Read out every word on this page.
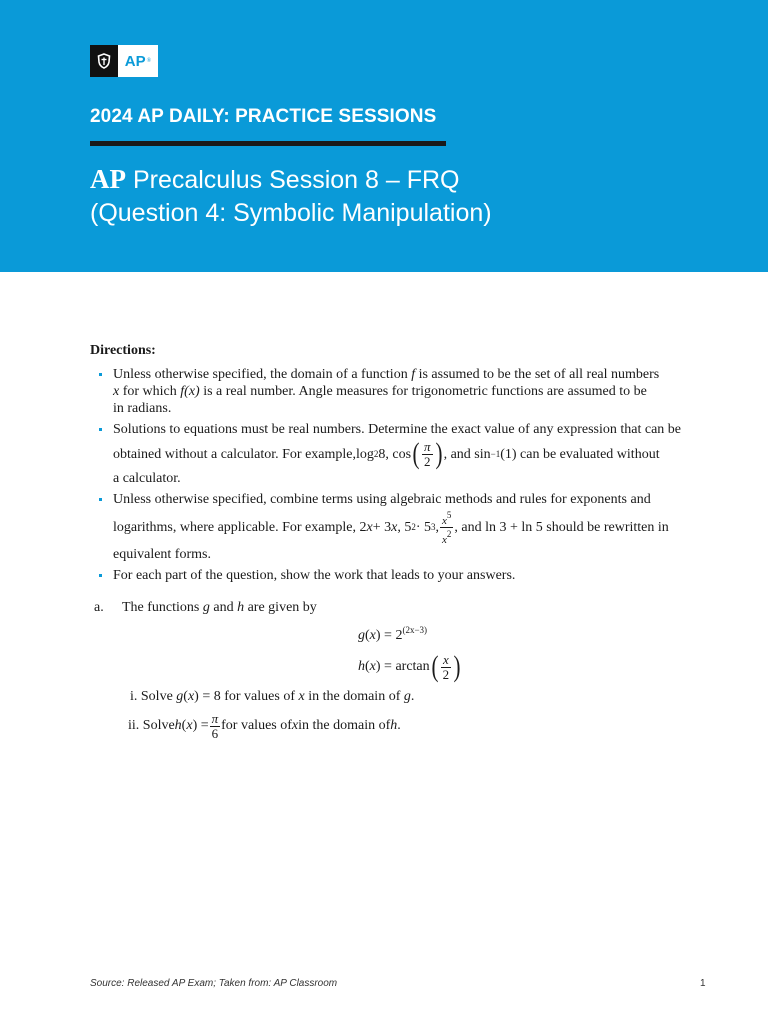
AP ®
2024 AP DAILY: PRACTICE SESSIONS
AP Precalculus Session 8 – FRQ
(Question 4: Symbolic Manipulation)
Directions:
Unless otherwise specified, the domain of a function f is assumed to be the set of all real numbers
x for which f(x) is a real number. Angle measures for trigonometric functions are assumed to be
in radians.
Solutions to equations must be real numbers. Determine the exact value of any expression that can be
obtained without a calculator. For example, log 2 8, cos ( $\frac{\pi}{2}$ ) , and sin −1 (1) can be evaluated without
a calculator.
Unless otherwise specified, combine terms using algebraic methods and rules for exponents and
logarithms, where applicable. For example, 2 x + 3 x , 5 2 · 5 3 , $\frac{x^5}{x^2}$ , and ln 3 + ln 5 should be rewritten in
equivalent forms.
For each part of the question, show the work that leads to your answers.
a. The functions g and h are given by
$g(x) = 2^{(2x-3)}$
h ( x ) = arctan ( $\frac{x}{2}$ )
i. Solve g(x) = 8 for values of x in the domain of g.
ii. Solve h ( x ) = $\frac{\pi}{6}$ for values of x in the domain of h .
Source: Released AP Exam; Taken from: AP Classroom	1
